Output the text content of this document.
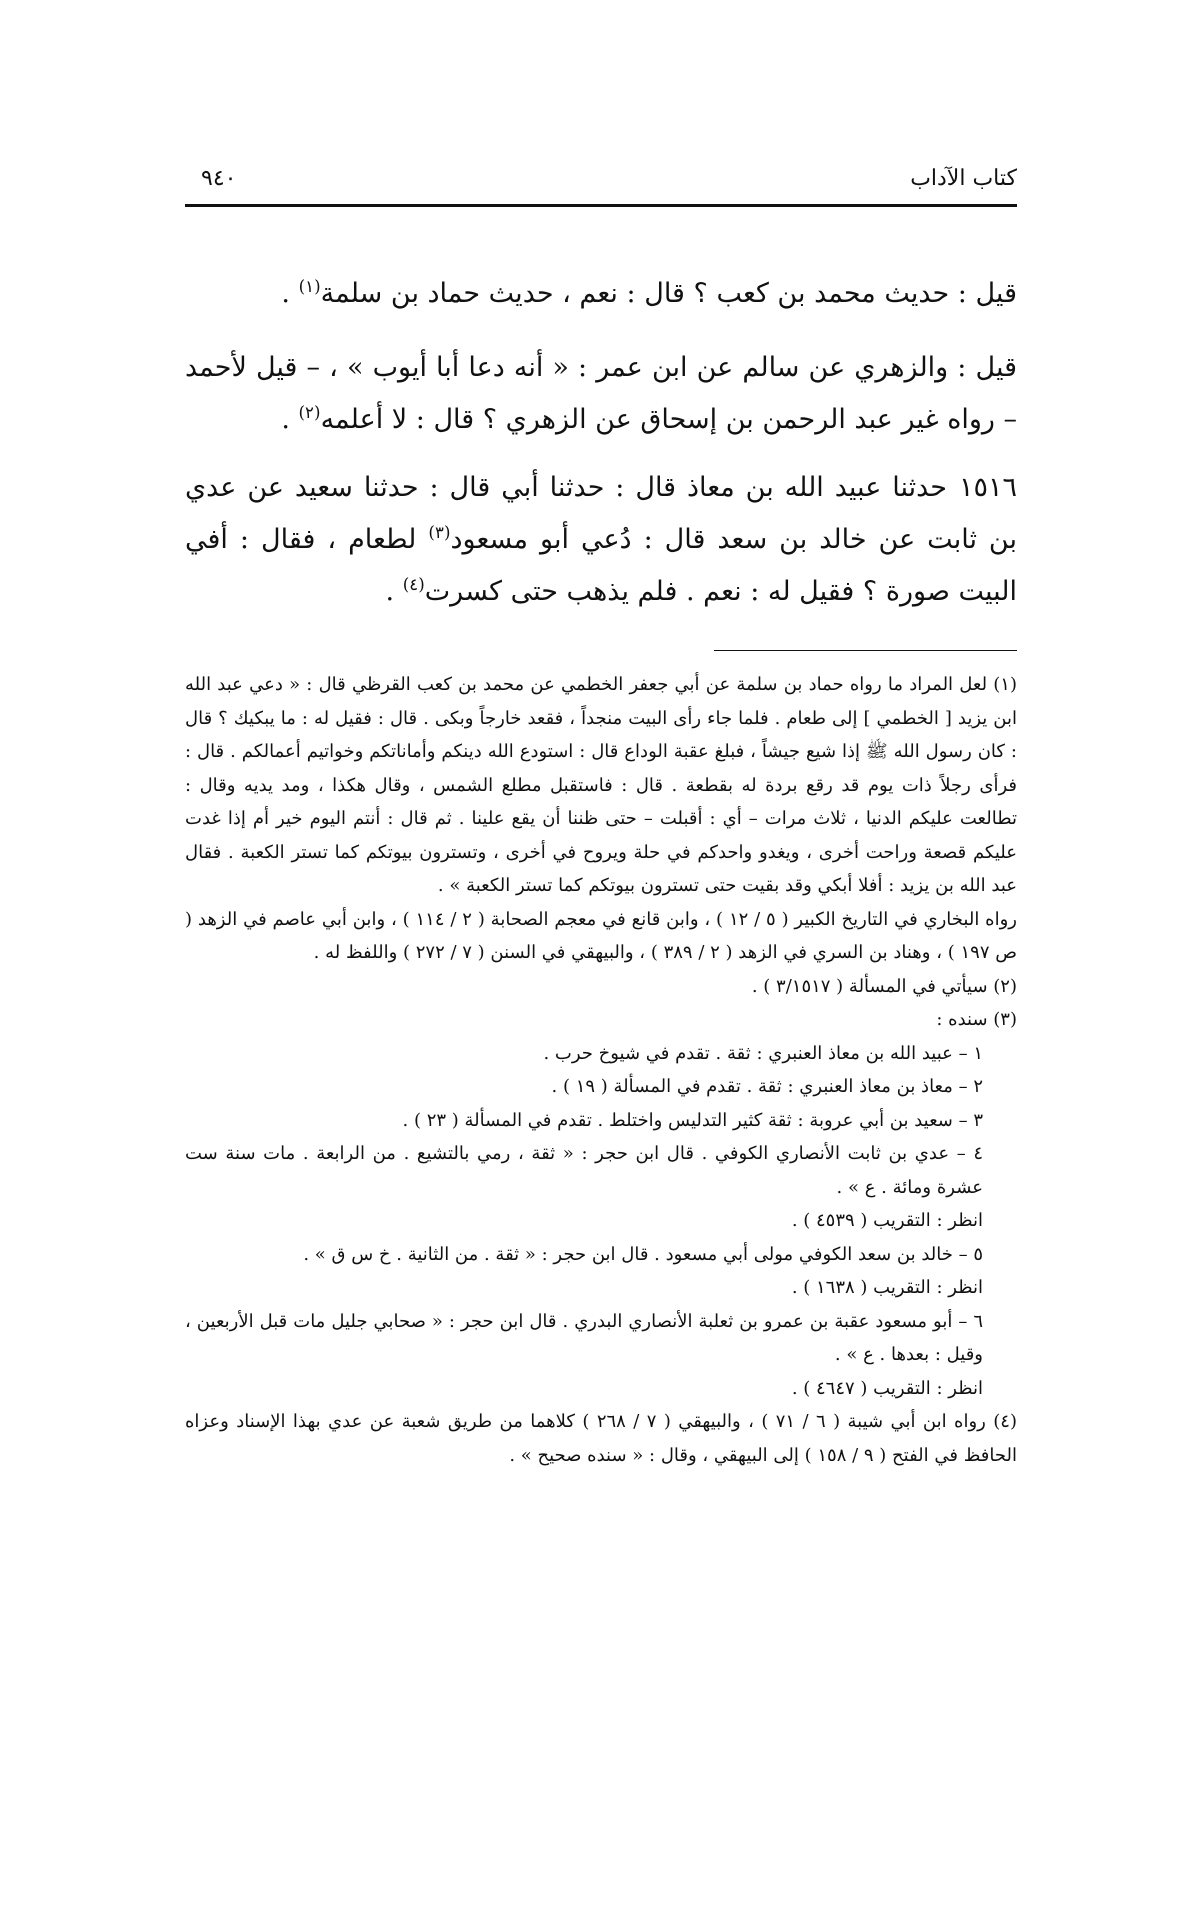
كتاب الآداب
٩٤٠
قيل : حديث محمد بن كعب ؟ قال : نعم ، حديث حماد بن سلمة$^{(١)}$ .
قيل : والزهري عن سالم عن ابن عمر : « أنه دعا أبا أيوب » ، – قيل لأحمد – رواه غير عبد الرحمن بن إسحاق عن الزهري ؟ قال : لا أعلمه$^{(٢)}$ .
١٥١٦حدثنا عبيد الله بن معاذ قال : حدثنا أبي قال : حدثنا سعيد عن عدي بن ثابت عن خالد بن سعد قال : دُعي أبو مسعود$^{(٣)}$ لطعام ، فقال : أفي البيت صورة ؟ فقيل له : نعم . فلم يذهب حتى كسرت$^{(٤)}$ .

(١) لعل المراد ما رواه حماد بن سلمة عن أبي جعفر الخطمي عن محمد بن كعب القرظي قال : « دعي عبد الله ابن يزيد [ الخطمي ] إلى طعام . فلما جاء رأى البيت منجداً ، فقعد خارجاً وبكى . قال : فقيل له : ما يبكيك ؟ قال : كان رسول الله ﷺ إذا شيع جيشاً ، فبلغ عقبة الوداع قال : استودع الله دينكم وأماناتكم وخواتيم أعمالكم . قال : فرأى رجلاً ذات يوم قد رقع بردة له بقطعة . قال : فاستقبل مطلع الشمس ، وقال هكذا ، ومد يديه وقال : تطالعت عليكم الدنيا ، ثلاث مرات – أي : أقبلت – حتى ظننا أن يقع علينا . ثم قال : أنتم اليوم خير أم إذا غدت عليكم قصعة وراحت أخرى ، ويغدو واحدكم في حلة ويروح في أخرى ، وتسترون بيوتكم كما تستر الكعبة . فقال عبد الله بن يزيد : أفلا أبكي وقد بقيت حتى تسترون بيوتكم كما تستر الكعبة » .

رواه البخاري في التاريخ الكبير ( ٥ / ١٢ ) ، وابن قانع في معجم الصحابة ( ٢ / ١١٤ ) ، وابن أبي عاصم في الزهد ( ص ١٩٧ ) ، وهناد بن السري في الزهد ( ٢ / ٣٨٩ ) ، والبيهقي في السنن ( ٧ / ٢٧٢ ) واللفظ له .

(٢) سيأتي في المسألة ( ٣/١٥١٧ ) .

(٣) سنده :

١ – عبيد الله بن معاذ العنبري : ثقة . تقدم في شيوخ حرب .

٢ – معاذ بن معاذ العنبري : ثقة . تقدم في المسألة ( ١٩ ) .

٣ – سعيد بن أبي عروبة : ثقة كثير التدليس واختلط . تقدم في المسألة ( ٢٣ ) .

٤ – عدي بن ثابت الأنصاري الكوفي . قال ابن حجر : « ثقة ، رمي بالتشيع . من الرابعة . مات سنة ست عشرة ومائة . ع » .

انظر : التقريب ( ٤٥٣٩ ) .

٥ – خالد بن سعد الكوفي مولى أبي مسعود . قال ابن حجر : « ثقة . من الثانية . خ س ق » .

انظر : التقريب ( ١٦٣٨ ) .

٦ – أبو مسعود عقبة بن عمرو بن ثعلبة الأنصاري البدري . قال ابن حجر : « صحابي جليل مات قبل الأربعين ، وقيل : بعدها . ع » .

انظر : التقريب ( ٤٦٤٧ ) .

(٤) رواه ابن أبي شيبة ( ٦ / ٧١ ) ، والبيهقي ( ٧ / ٢٦٨ ) كلاهما من طريق شعبة عن عدي بهذا الإسناد وعزاه الحافظ في الفتح ( ٩ / ١٥٨ ) إلى البيهقي ، وقال : « سنده صحيح » .
